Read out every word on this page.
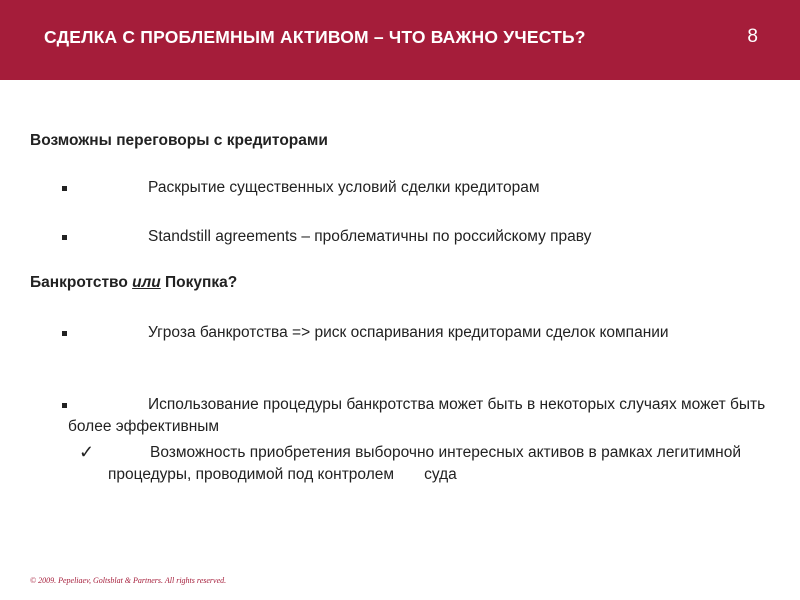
СДЕЛКА С ПРОБЛЕМНЫМ АКТИВОМ – ЧТО ВАЖНО УЧЕСТЬ?	8
Возможны переговоры с кредиторами
Раскрытие существенных условий сделки кредиторам
Standstill agreements – проблематичны по российскому праву
Банкротство или Покупка?
Угроза банкротства => риск оспаривания кредиторами сделок компании
Использование процедуры банкротства может быть в некоторых случаях может быть более эффективным
✓	Возможность приобретения выборочно интересных активов в рамках легитимной процедуры, проводимой под контролем       суда
© 2009. Pepeliaev, Goltsblat & Partners. All rights reserved.
